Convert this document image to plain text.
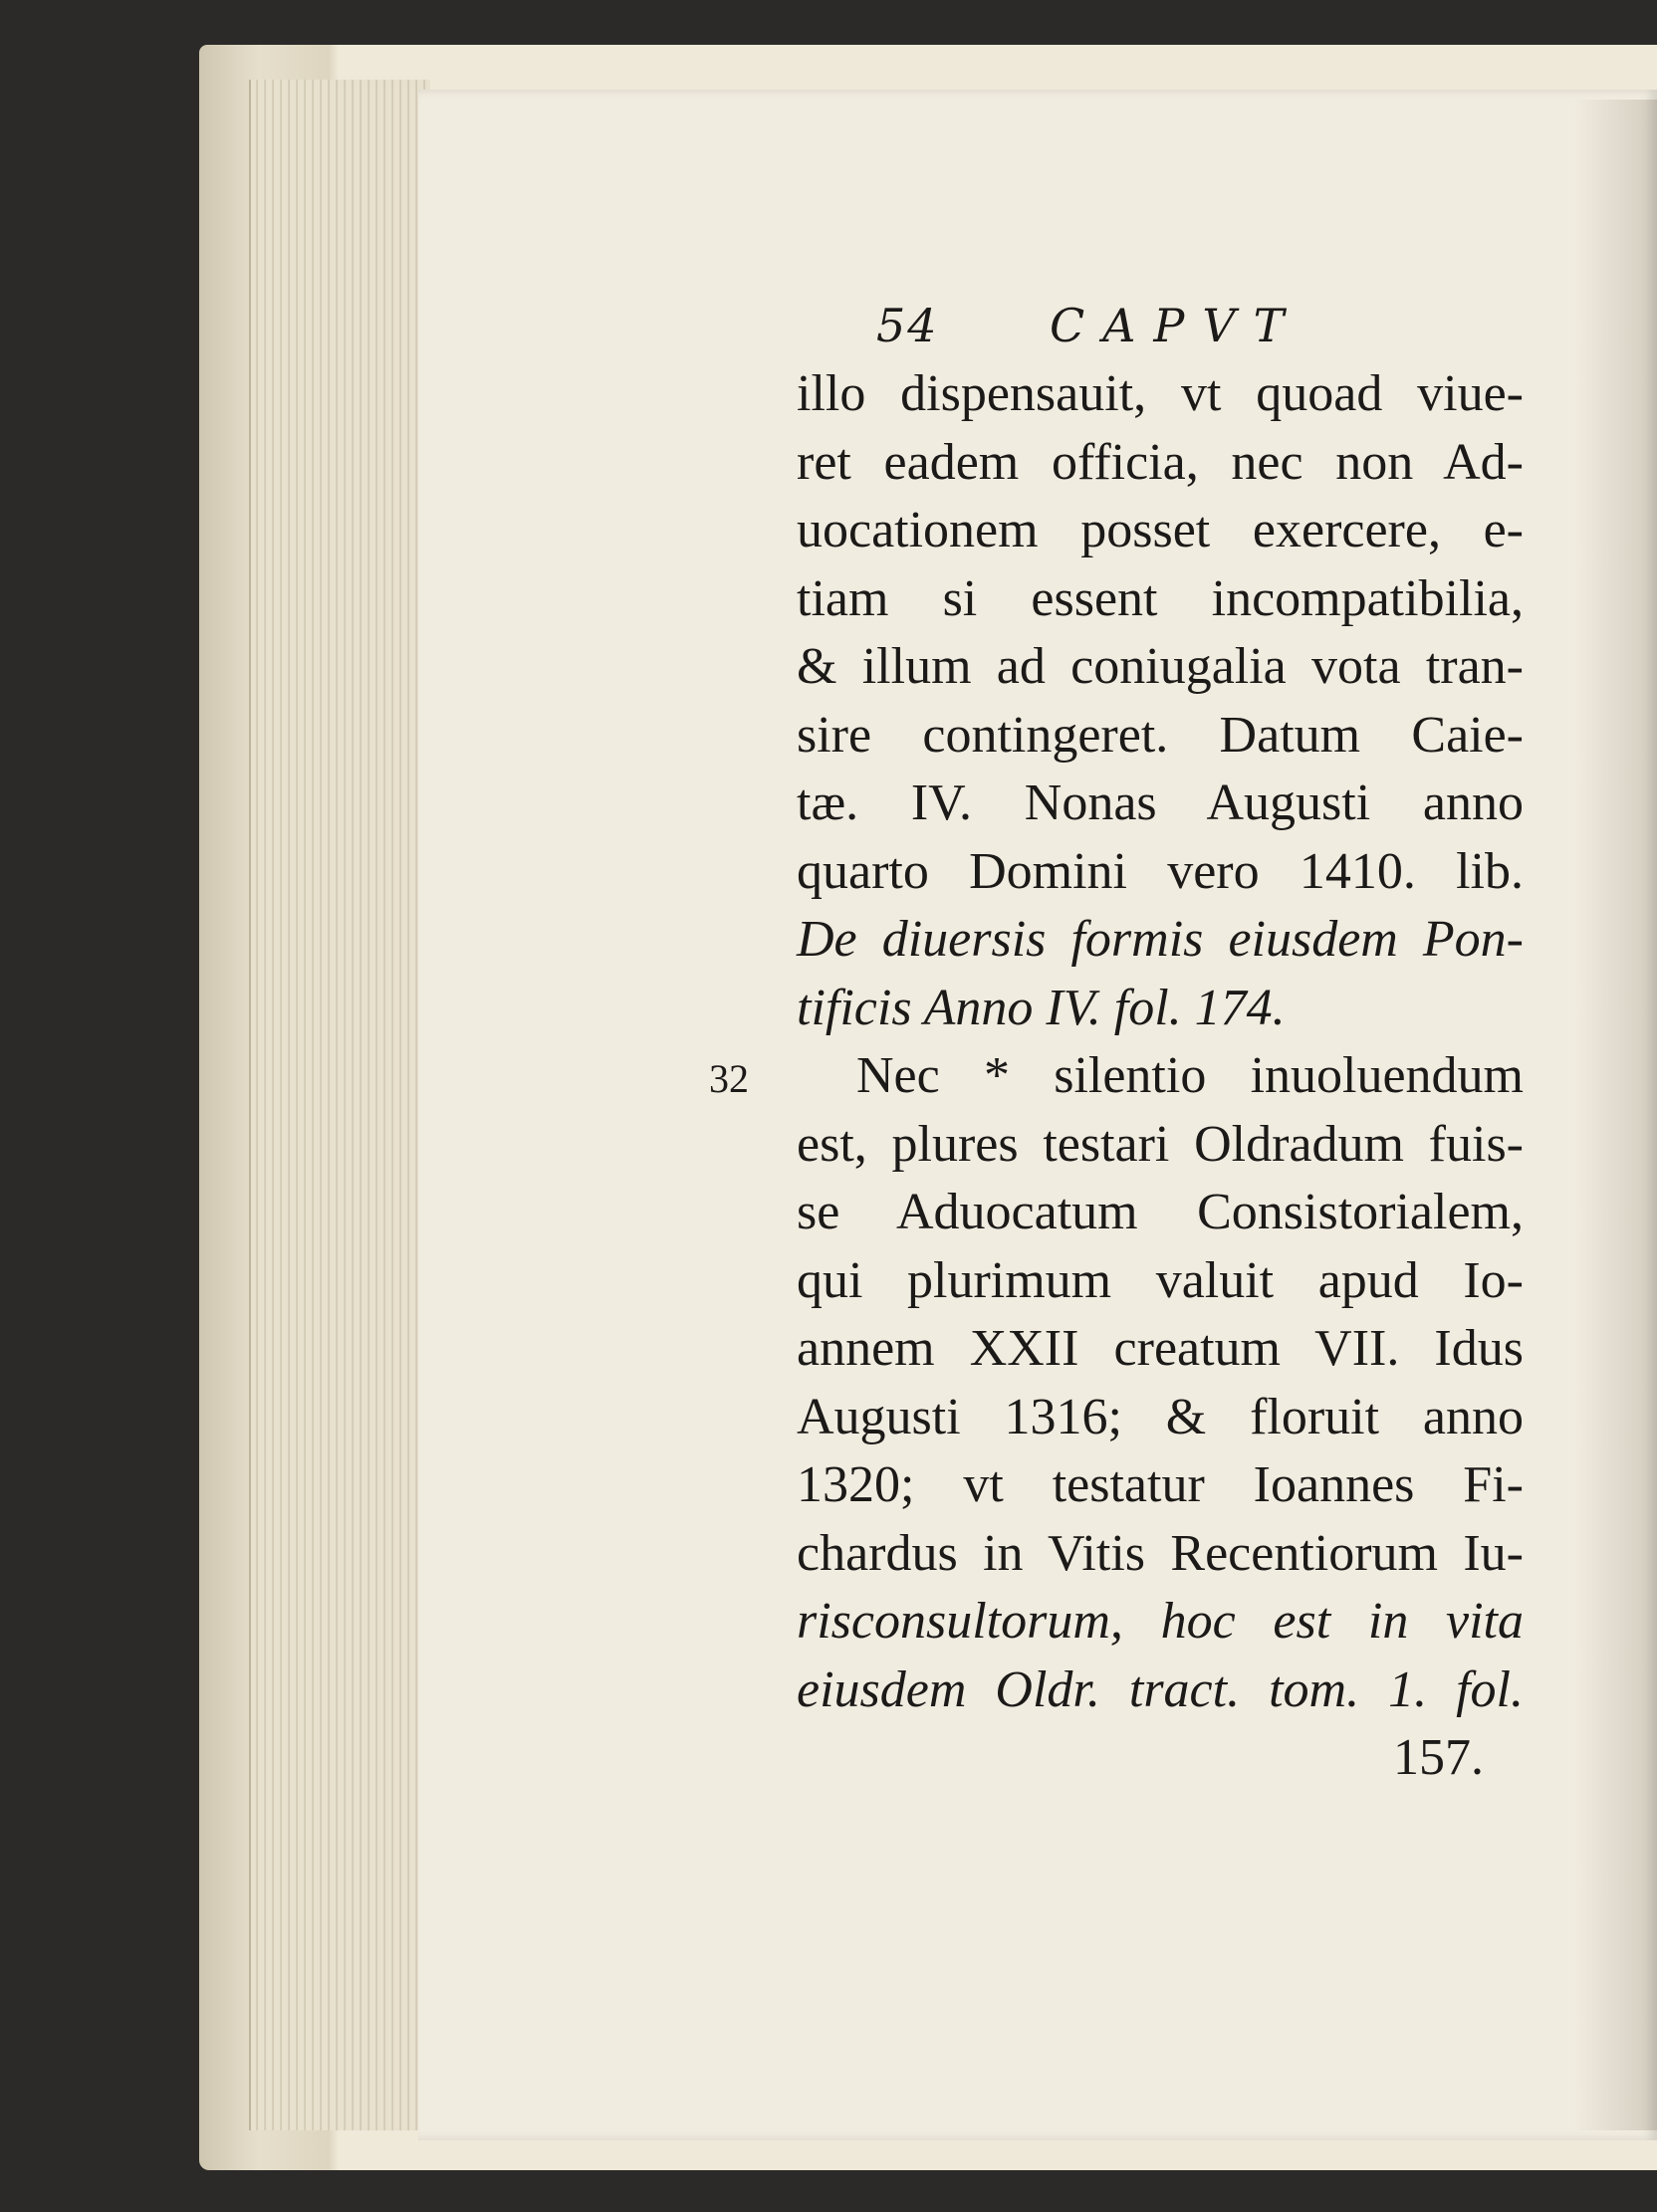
32
54 CAPVT
illo dispensauit, vt quoad viue-
ret eadem officia, nec non Ad-
uocationem posset exercere, e-
tiam si essent incompatibilia,
& illum ad coniugalia vota tran-
sire contingeret. Datum Caie-
tæ. IV. Nonas Augusti anno
quarto Domini vero 1410. lib.
De diuersis formis eiusdem Pon-
tificis Anno IV. fol. 174.
Nec * silentio inuoluendum
est, plures testari Oldradum fuis-
se Aduocatum Consistorialem,
qui plurimum valuit apud Io-
annem XXII creatum VII. Idus
Augusti 1316; & floruit anno
1320; vt testatur Ioannes Fi-
chardus in Vitis Recentiorum Iu-
risconsultorum, hoc est in vita
eiusdem Oldr. tract. tom. 1. fol.
157.
